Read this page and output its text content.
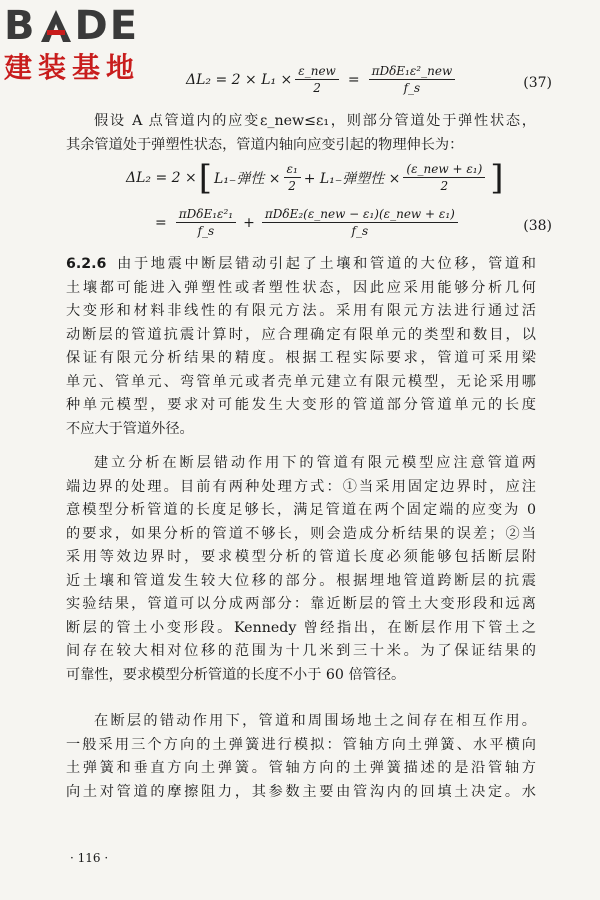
B DE
建装基地	$\Delta L_2 = 2 \times L_1 \times \frac{\text{ε\_new}}{2} = \frac{\text{πDδE₁ε²\_new}}{f\_s}$	(37)
假设 A 点管道内的应变ε_new≤ε₁，则部分管道处于弹性状态，
其余管道处于弹塑性状态，管道内轴向应变引起的物理伸长为：
ΔL₂ = 2 × [ L₁₋弹性 × $\frac{\text{ε₁}}{2} + L_{1-}$弹塑性 × $\frac{\text{(ε\_new + ε₁)}}{2}$ ]
= $\frac{\text{πDδE₁ε²₁}}{f\_s} + \frac{\text{πDδE₂(ε\_new − ε₁)(ε\_new + ε₁)}}{f\_s}$	(38)
6.2.6 由于地震中断层错动引起了土壤和管道的大位移，管道和
土壤都可能进入弹塑性或者塑性状态，因此应采用能够分析几何
大变形和材料非线性的有限元方法。采用有限元方法进行通过活
动断层的管道抗震计算时，应合理确定有限单元的类型和数目，以
保证有限元分析结果的精度。根据工程实际要求，管道可采用梁
单元、管单元、弯管单元或者壳单元建立有限元模型，无论采用哪
种单元模型，要求对可能发生大变形的管道部分管道单元的长度
不应大于管道外径。
建立分析在断层错动作用下的管道有限元模型应注意管道两
端边界的处理。目前有两种处理方式：①当采用固定边界时，应注
意模型分析管道的长度足够长，满足管道在两个固定端的应变为 0
的要求，如果分析的管道不够长，则会造成分析结果的误差；②当
采用等效边界时，要求模型分析的管道长度必须能够包括断层附
近土壤和管道发生较大位移的部分。根据埋地管道跨断层的抗震
实验结果，管道可以分成两部分：靠近断层的管土大变形段和远离
断层的管土小变形段。Kennedy 曾经指出，在断层作用下管土之
间存在较大相对位移的范围为十几米到三十米。为了保证结果的
可靠性，要求模型分析管道的长度不小于 60 倍管径。
在断层的错动作用下，管道和周围场地土之间存在相互作用。
一般采用三个方向的土弹簧进行模拟：管轴方向土弹簧、水平横向
土弹簧和垂直方向土弹簧。管轴方向的土弹簧描述的是沿管轴方
向土对管道的摩擦阻力，其参数主要由管沟内的回填土决定。水
· 116 ·
